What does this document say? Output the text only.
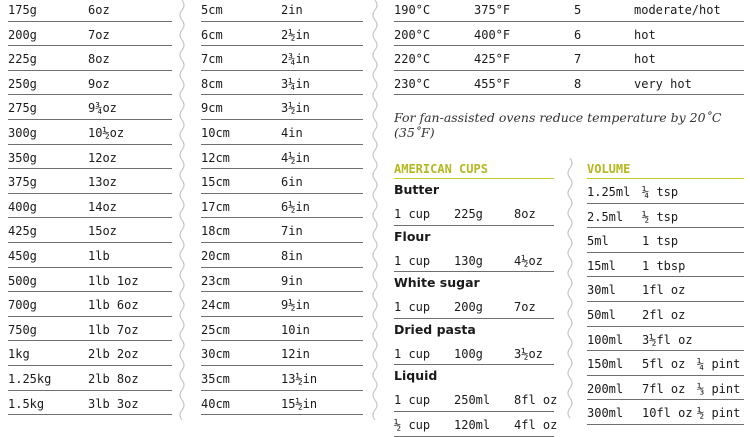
175g	6oz
200g	7oz
225g	8oz
250g	9oz
275g	9¾oz
300g	10½oz
350g	12oz
375g	13oz
400g	14oz
425g	15oz
450g	1lb
500g	1lb 1oz
700g	1lb 6oz
750g	1lb 7oz
1kg	2lb 2oz
1.25kg	2lb 8oz
1.5kg	3lb 3oz
5cm	2in
6cm	2½in
7cm	2¾in
8cm	3¼in
9cm	3½in
10cm	4in
12cm	4½in
15cm	6in
17cm	6½in
18cm	7in
20cm	8in
23cm	9in
24cm	9½in
25cm	10in
30cm	12in
35cm	13½in
40cm	15½in
190°C	375°F	5	moderate/hot
200°C	400°F	6	hot
220°C	425°F	7	hot
230°C	455°F	8	very hot
For fan-assisted ovens reduce temperature by 20˚C (35˚F)
AMERICAN CUPS
Butter
1 cup 225g	8oz
Flour
1 cup 130g	4½oz
White sugar
1 cup 200g	7oz
Dried pasta
1 cup 100g	3½oz
Liquid
1 cup 250ml 8fl oz
½ cup 120ml 4fl oz
VOLUME
1.25ml ¼ tsp
2.5ml ½ tsp
5ml	1 tsp
15ml 1 tbsp
30ml 1fl oz
50ml 2fl oz
100ml 3½fl oz
150ml 5fl oz ¼ pint
200ml 7fl oz ⅓ pint
300ml 10fl oz ½ pint
